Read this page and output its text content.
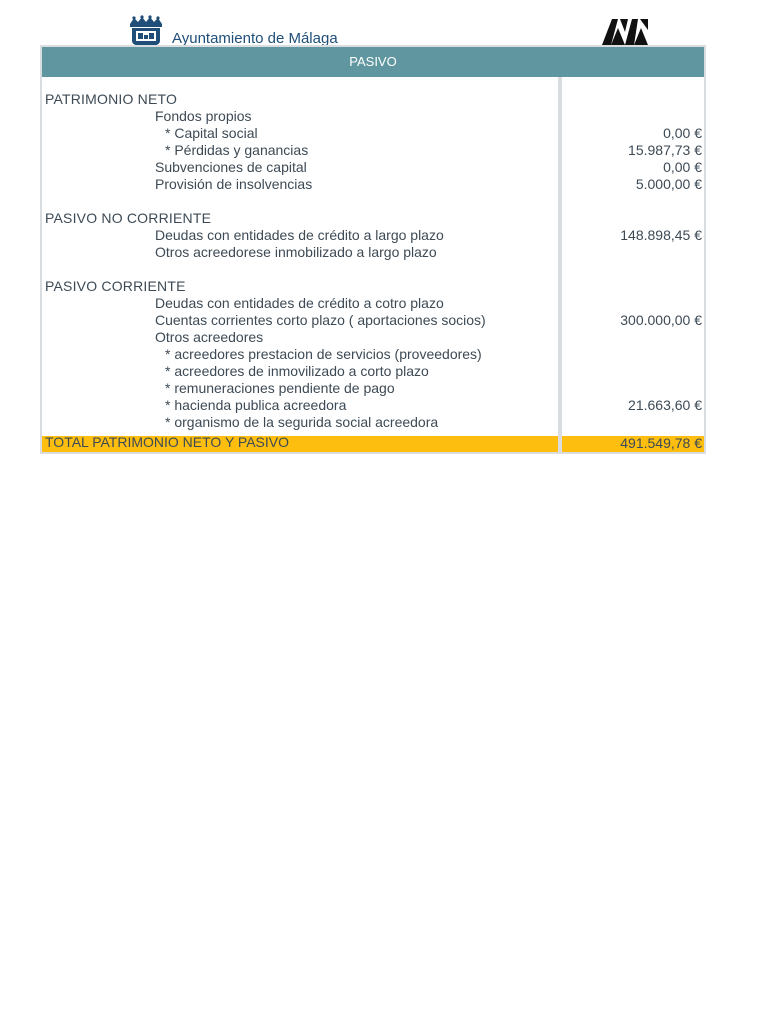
Ayuntamiento de Málaga
PASIVO
PATRIMONIO NETO
Fondos propios
* Capital social	0,00 €
* Pérdidas y ganancias	15.987,73 €
Subvenciones de capital	0,00 €
Provisión de insolvencias	5.000,00 €
PASIVO NO CORRIENTE
Deudas con entidades de crédito a largo plazo	148.898,45 €
Otros acreedorese inmobilizado a largo plazo
PASIVO CORRIENTE
Deudas con entidades de crédito a cotro plazo
Cuentas corrientes corto plazo ( aportaciones socios)	300.000,00 €
Otros acreedores
* acreedores prestacion de servicios (proveedores)
* acreedores de inmovilizado a corto plazo
* remuneraciones pendiente de pago
* hacienda publica acreedora	21.663,60 €
* organismo de la segurida social acreedora
TOTAL PATRIMONIO NETO Y PASIVO	491.549,78 €
